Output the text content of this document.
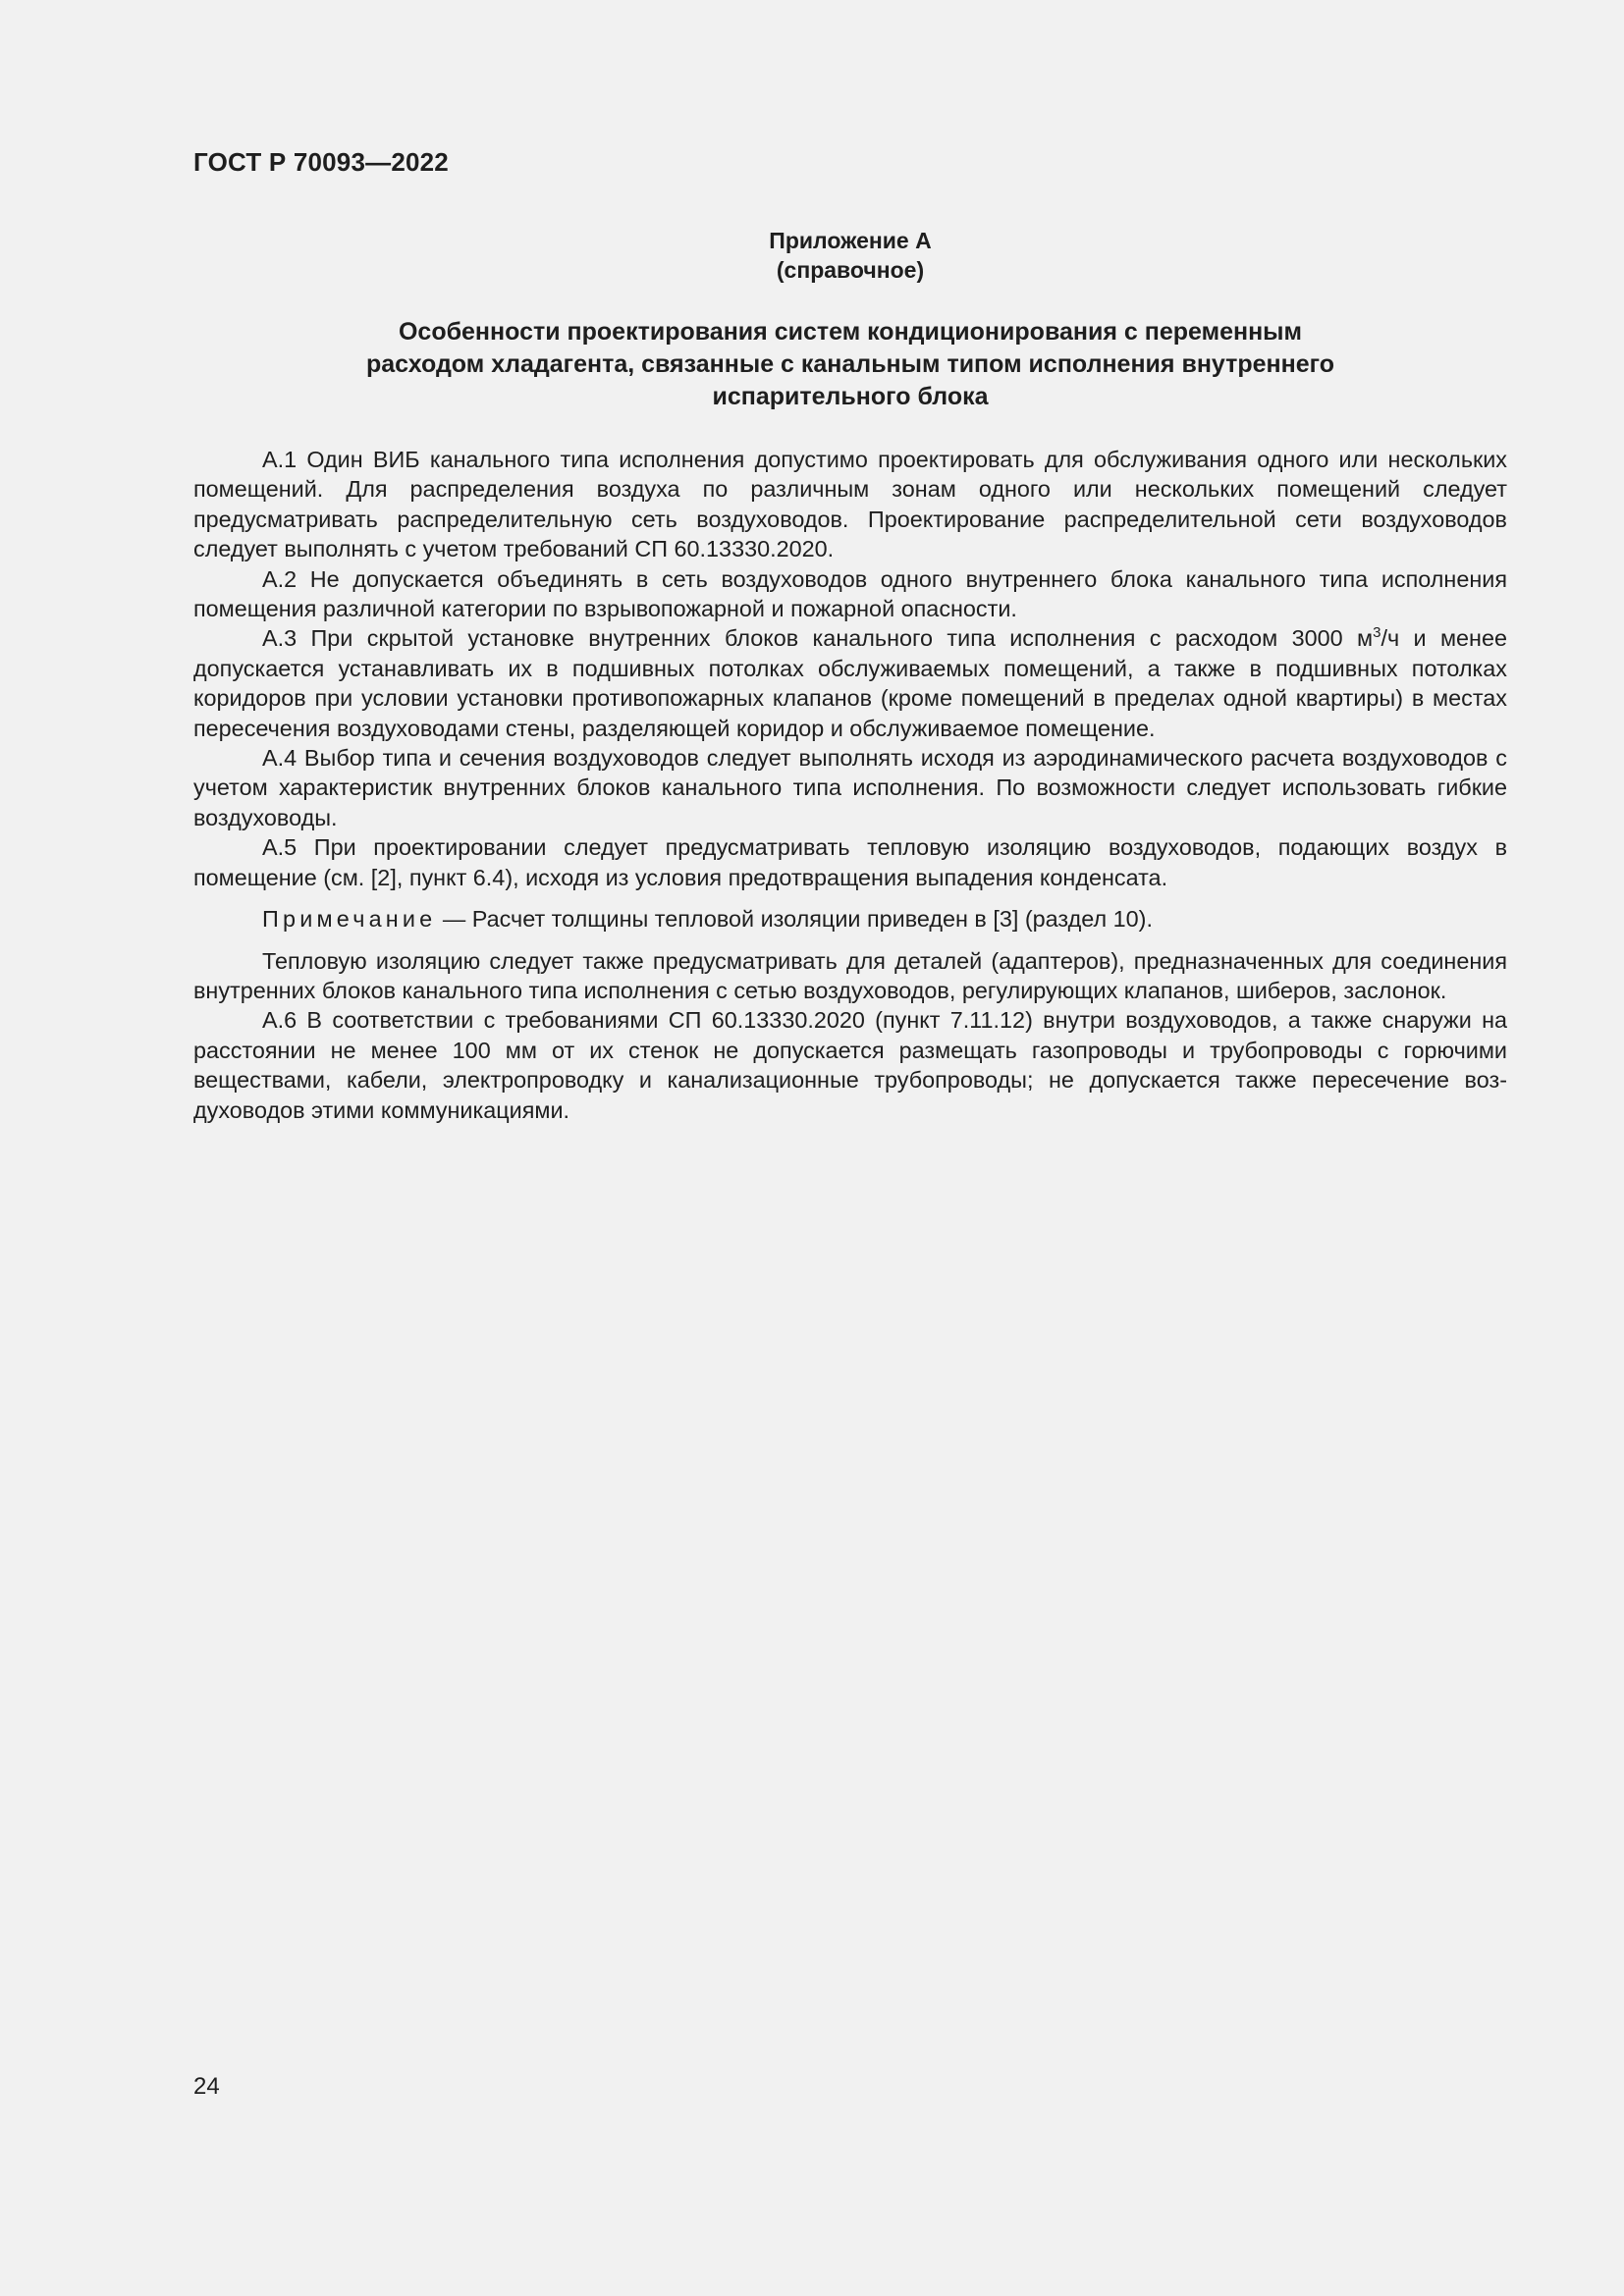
ГОСТ Р 70093—2022
Приложение А
(справочное)
Особенности проектирования систем кондиционирования с переменным
расходом хладагента, связанные с канальным типом исполнения внутреннего
испарительного блока

А.1 Один ВИБ канального типа исполнения допустимо проектировать для обслуживания одного или нескольких помещений. Для распределения воздуха по различным зонам одного или нескольких помещений следует предусматривать распределительную сеть воздуховодов. Проектирование распределительной сети воздуховодов следует выполнять с учетом требований СП 60.13330.2020.

А.2 Не допускается объединять в сеть воздуховодов одного внутреннего блока канального типа исполнения помещения различной категории по взрывопожарной и пожарной опасности.

А.3 При скрытой установке внутренних блоков канального типа исполнения с расходом 3000 $м^3/ч$ и менее допускается устанавливать их в подшивных потолках обслуживаемых помещений, а также в подшивных потолках коридоров при условии установки противопожарных клапанов (кроме помещений в пределах одной квартиры) в местах пересечения воздуховодами стены, разделяющей коридор и обслуживаемое помещение.

А.4 Выбор типа и сечения воздуховодов следует выполнять исходя из аэродинамического расчета воздуховодов с учетом характеристик внутренних блоков канального типа исполнения. По возможности следует использовать гибкие воздуховоды.

А.5 При проектировании следует предусматривать тепловую изоляцию воздуховодов, подающих воздух в помещение (см. [2], пункт 6.4), исходя из условия предотвращения выпадения конденсата.

Примечание — Расчет толщины тепловой изоляции приведен в [3] (раздел 10).

Тепловую изоляцию следует также предусматривать для деталей (адаптеров), предназначенных для соединения внутренних блоков канального типа исполнения с сетью воздуховодов, регулирующих клапанов, шиберов, заслонок.

А.6 В соответствии с требованиями СП 60.13330.2020 (пункт 7.11.12) внутри воздуховодов, а также снаружи на расстоянии не менее 100 мм от их стенок не допускается размещать газопроводы и трубопроводы с горючими веществами, кабели, электропроводку и канализационные трубопроводы; не допускается также пересечение воздуховодов этими коммуникациями.

24
